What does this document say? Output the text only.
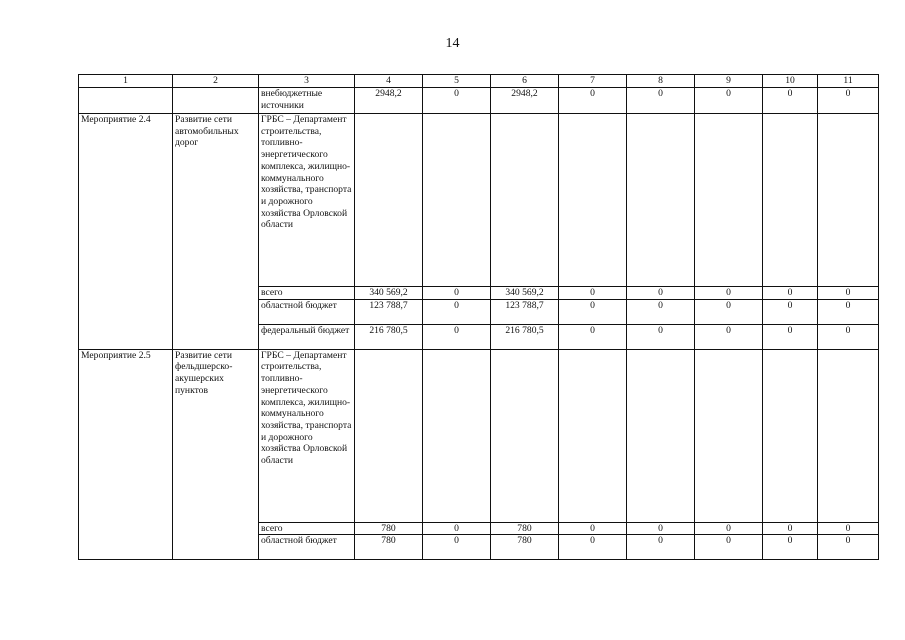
14
1	2	3	4	5	6	7	8	9	10	11
		внебюджетные источники	2948,2	0	2948,2	0	0	0	0	0
Мероприятие 2.4	Развитие сети автомобильных дорог	ГРБС – Департамент строительства, топливно-энергетического комплекса, жилищно-коммунального хозяйства, транспорта и дорожного хозяйства Орловской области								
		всего	340 569,2	0	340 569,2	0	0	0	0	0
		областной бюджет	123 788,7	0	123 788,7	0	0	0	0	0
		федеральный бюджет	216 780,5	0	216 780,5	0	0	0	0	0
Мероприятие 2.5	Развитие сети фельдшерско-акушерских пунктов	ГРБС – Департамент строительства, топливно-энергетического комплекса, жилищно-коммунального хозяйства, транспорта и дорожного хозяйства Орловской области								
		всего	780	0	780	0	0	0	0	0
		областной бюджет	780	0	780	0	0	0	0	0
